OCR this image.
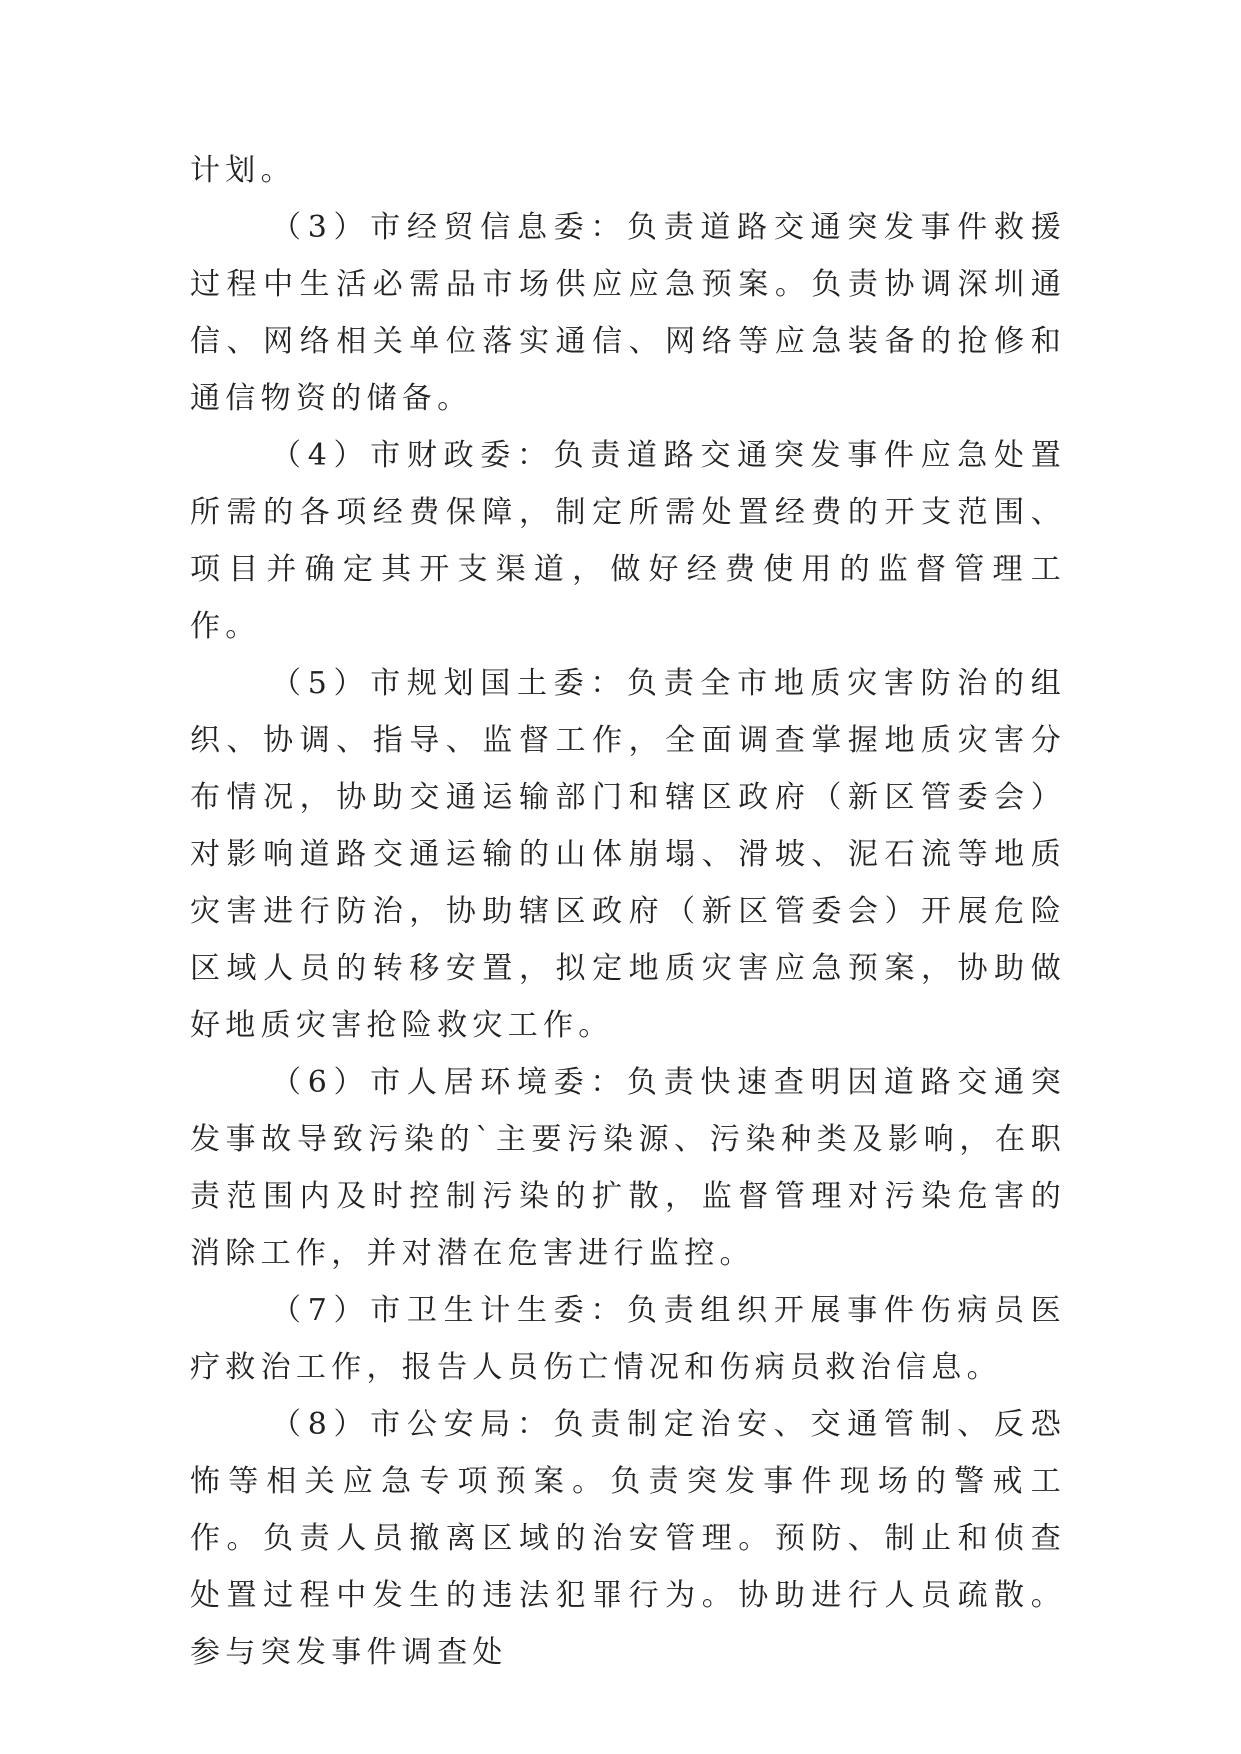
计划。

（3）市经贸信息委：负责道路交通突发事件救援过程中生活必需品市场供应应急预案。负责协调深圳通信、网络相关单位落实通信、网络等应急装备的抢修和通信物资的储备。

（4）市财政委：负责道路交通突发事件应急处置所需的各项经费保障，制定所需处置经费的开支范围、项目并确定其开支渠道，做好经费使用的监督管理工作。

（5）市规划国土委：负责全市地质灾害防治的组织、协调、指导、监督工作，全面调查掌握地质灾害分布情况，协助交通运输部门和辖区政府（新区管委会）对影响道路交通运输的山体崩塌、滑坡、泥石流等地质灾害进行防治，协助辖区政府（新区管委会）开展危险区域人员的转移安置，拟定地质灾害应急预案，协助做好地质灾害抢险救灾工作。

（6）市人居环境委：负责快速查明因道路交通突发事故导致污染的`主要污染源、污染种类及影响，在职责范围内及时控制污染的扩散，监督管理对污染危害的消除工作，并对潜在危害进行监控。

（7）市卫生计生委：负责组织开展事件伤病员医疗救治工作，报告人员伤亡情况和伤病员救治信息。

（8）市公安局：负责制定治安、交通管制、反恐怖等相关应急专项预案。负责突发事件现场的警戒工作。负责人员撤离区域的治安管理。预防、制止和侦查处置过程中发生的违法犯罪行为。协助进行人员疏散。参与突发事件调查处
